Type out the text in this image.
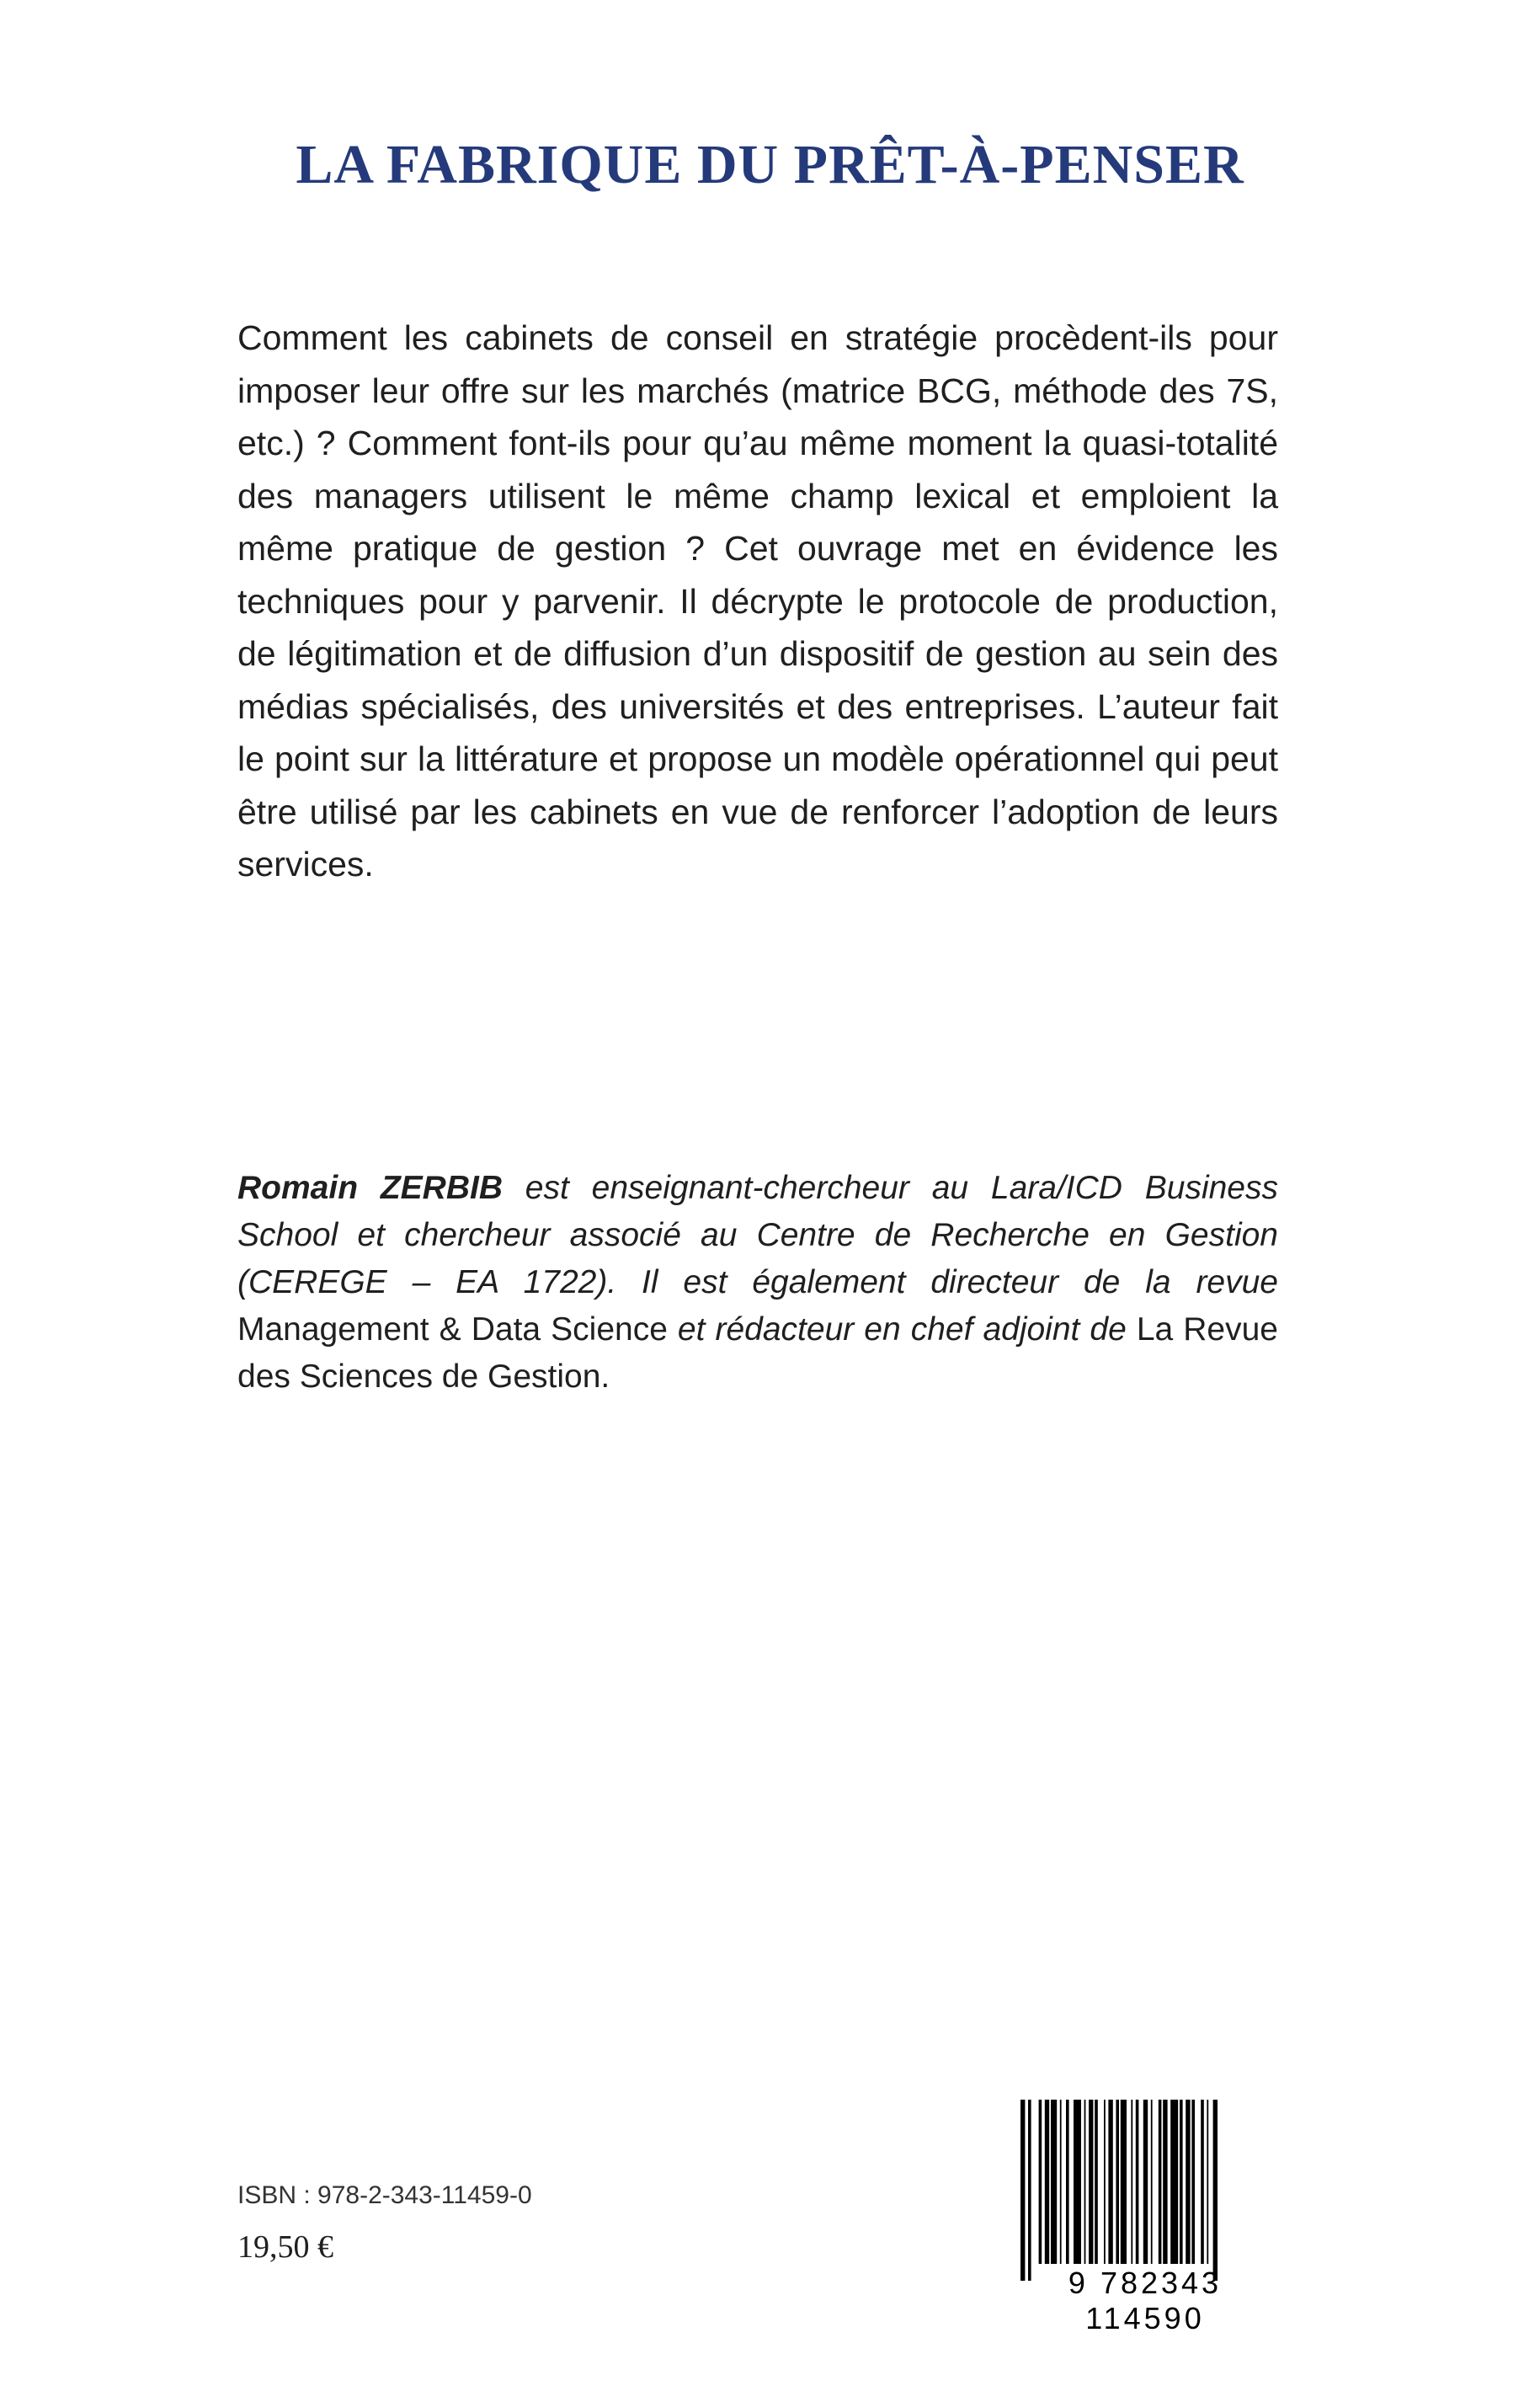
LA FABRIQUE DU PRÊT-À-PENSER

Comment les cabinets de conseil en stratégie procèdent-ils pour imposer leur offre sur les marchés (matrice BCG, méthode des 7S, etc.) ? Comment font-ils pour qu’au même moment la quasi-totalité des managers utilisent le même champ lexical et emploient la même pratique de gestion ? Cet ouvrage met en évidence les techniques pour y parvenir. Il décrypte le protocole de production, de légitimation et de diffusion d’un dispositif de gestion au sein des médias spécialisés, des universités et des entreprises. L’auteur fait le point sur la littérature et propose un modèle opérationnel qui peut être utilisé par les cabinets en vue de renforcer l’adoption de leurs services.

Romain ZERBIB est enseignant-chercheur au Lara/ICD Business School et chercheur associé au Centre de Recherche en Gestion (CEREGE – EA 1722). Il est également directeur de la revue Management & Data Science et rédacteur en chef adjoint de La Revue des Sciences de Gestion.

ISBN : 978-2-343-11459-0
19,50 €
9 782343 114590
